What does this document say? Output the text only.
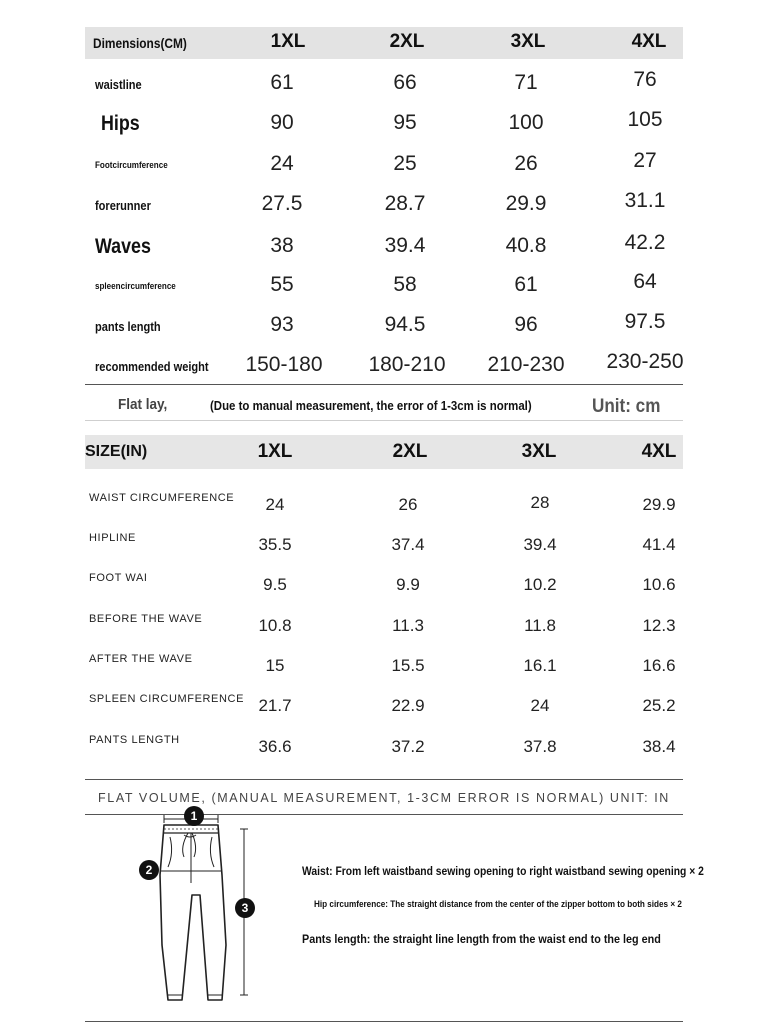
Dimensions(CM)	1XL	2XL	3XL	4XL
waistline	61	66	71	76
Hips	90	95	100	105
Foot circumference	24	25	26	27
forerunner	27.5	28.7	29.9	31.1
Waves	38	39.4	40.8	42.2
spleen circumference	55	58	61	64
pants length	93	94.5	96	97.5
recommended weight	150-180	180-210	210-230	230-250
Flat lay,	(Due to manual measurement, the error of 1-3cm is normal)	Unit: cm
SIZE(IN)	1XL	2XL	3XL	4XL
WAIST CIRCUMFERENCE	24	26	28	29.9
HIPLINE	35.5	37.4	39.4	41.4
FOOT WAI	9.5	9.9	10.2	10.6
BEFORE THE WAVE	10.8	11.3	11.8	12.3
AFTER THE WAVE	15	15.5	16.1	16.6
SPLEEN CIRCUMFERENCE 21.7	22.9	24	25.2
PANTS LENGTH	36.6	37.2	37.8	38.4
FLAT VOLUME, (MANUAL MEASUREMENT, 1-3CM ERROR IS NORMAL) UNIT: IN
1
2
3
Waist: From left waistband sewing opening to right waistband sewing opening × 2
Hip circumference: The straight distance from the center of the zipper bottom to both sides × 2
Pants length: the straight line length from the waist end to the leg end
